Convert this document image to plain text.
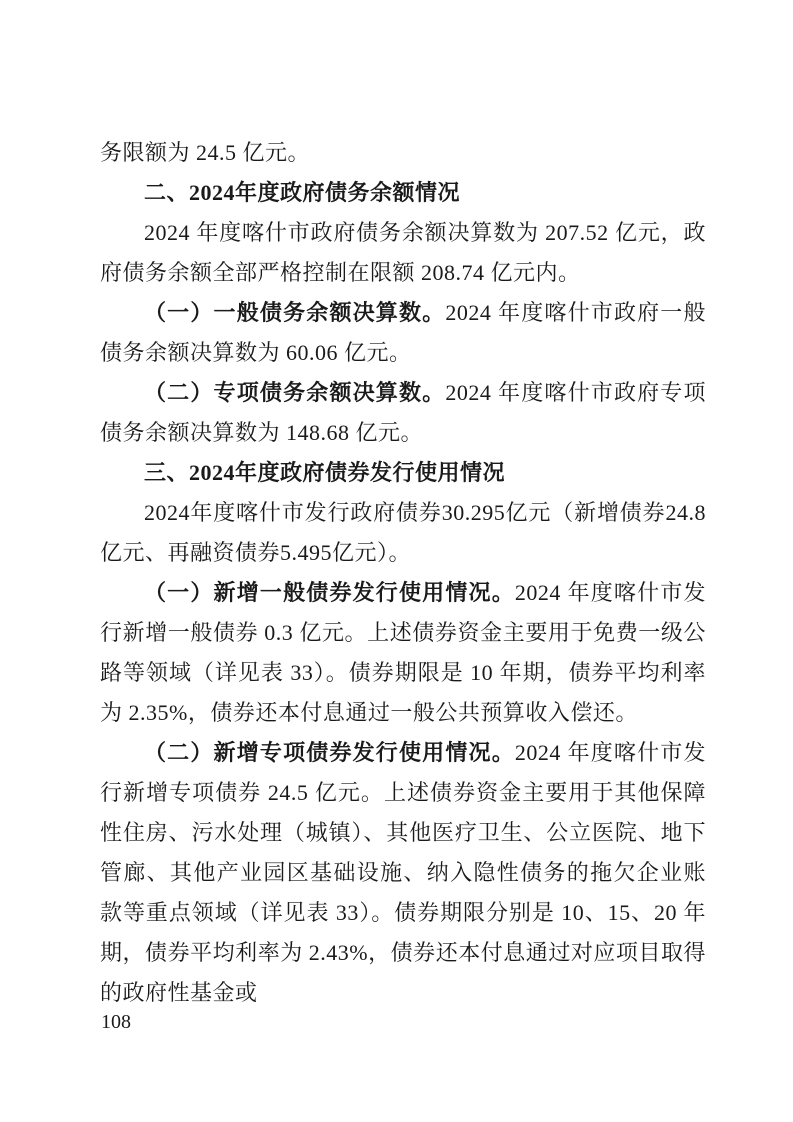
务限额为 24.5 亿元。

二、2024年度政府债务余额情况

2024 年度喀什市政府债务余额决算数为 207.52 亿元，政府债务余额全部严格控制在限额 208.74 亿元内。

（一）一般债务余额决算数。2024 年度喀什市政府一般债务余额决算数为 60.06 亿元。

（二）专项债务余额决算数。2024 年度喀什市政府专项债务余额决算数为 148.68 亿元。

三、2024年度政府债券发行使用情况

2024年度喀什市发行政府债券30.295亿元（新增债券24.8亿元、再融资债券5.495亿元）。

（一）新增一般债券发行使用情况。2024 年度喀什市发行新增一般债券 0.3 亿元。上述债券资金主要用于免费一级公路等领域（详见表 33）。债券期限是 10 年期，债券平均利率为 2.35%，债券还本付息通过一般公共预算收入偿还。

（二）新增专项债券发行使用情况。2024 年度喀什市发行新增专项债券 24.5 亿元。上述债券资金主要用于其他保障性住房、污水处理（城镇）、其他医疗卫生、公立医院、地下管廊、其他产业园区基础设施、纳入隐性债务的拖欠企业账款等重点领域（详见表 33）。债券期限分别是 10、15、20 年期，债券平均利率为 2.43%，债券还本付息通过对应项目取得的政府性基金或

108
